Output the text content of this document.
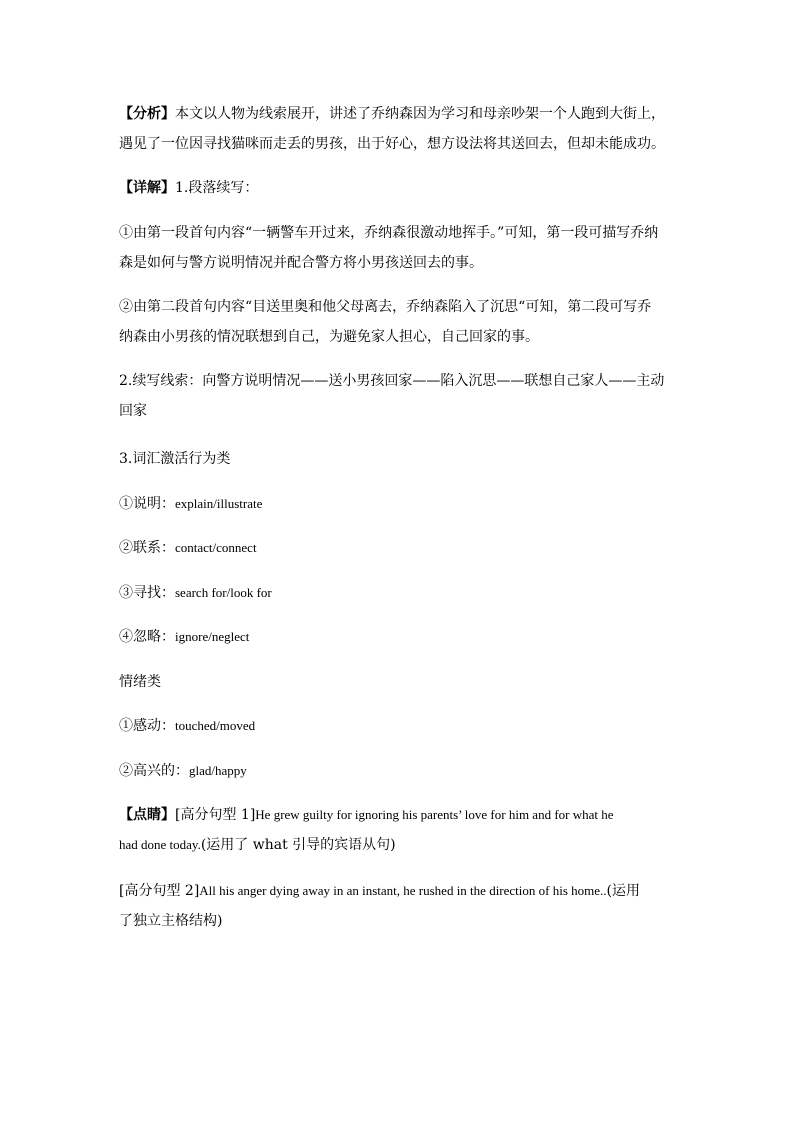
【分析】本文以人物为线索展开，讲述了乔纳森因为学习和母亲吵架一个人跑到大街上，
遇见了一位因寻找猫咪而走丢的男孩，出于好心，想方设法将其送回去，但却未能成功。

【详解】1.段落续写：

①由第一段首句内容“一辆警车开过来，乔纳森很激动地挥手。”可知，第一段可描写乔纳
森是如何与警方说明情况并配合警方将小男孩送回去的事。

②由第二段首句内容“目送里奥和他父母离去，乔纳森陷入了沉思“可知，第二段可写乔
纳森由小男孩的情况联想到自己，为避免家人担心，自己回家的事。

2.续写线索：向警方说明情况——送小男孩回家——陷入沉思——联想自己家人——主动
回家

3.词汇激活行为类

①说明：explain/illustrate

②联系：contact/connect

③寻找：search for/look for

④忽略：ignore/neglect

情绪类

①感动：touched/moved

②高兴的：glad/happy

【点睛】[高分句型 1]He grew guilty for ignoring his parents’ love for him and for what he
had done today.(运用了 what 引导的宾语从句)

[高分句型 2]All his anger dying away in an instant, he rushed in the direction of his home..(运用
了独立主格结构)
